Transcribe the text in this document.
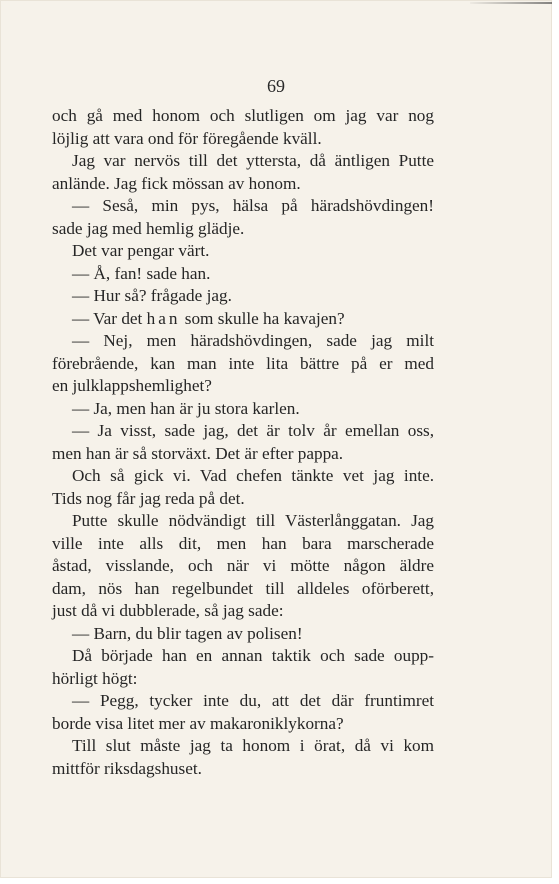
69
och gå med honom och slutligen om jag var nog
löjlig att vara ond för föregående kväll.
Jag var nervös till det yttersta, då äntligen Putte
anlände. Jag fick mössan av honom.
— Seså, min pys, hälsa på häradshövdingen!
sade jag med hemlig glädje.
Det var pengar värt.
— Å, fan! sade han.
— Hur så? frågade jag.
— Var det han som skulle ha kavajen?
— Nej, men häradshövdingen, sade jag milt
förebrående, kan man inte lita bättre på er med
en julklappshemlighet?
— Ja, men han är ju stora karlen.
— Ja visst, sade jag, det är tolv år emellan oss,
men han är så storväxt. Det är efter pappa.
Och så gick vi. Vad chefen tänkte vet jag inte.
Tids nog får jag reda på det.
Putte skulle nödvändigt till Västerlånggatan. Jag
ville inte alls dit, men han bara marscherade
åstad, visslande, och när vi mötte någon äldre
dam, nös han regelbundet till alldeles oförberett,
just då vi dubblerade, så jag sade:
— Barn, du blir tagen av polisen!
Då började han en annan taktik och sade oupp-
hörligt högt:
— Pegg, tycker inte du, att det där fruntimret
borde visa litet mer av makaroniklykorna?
Till slut måste jag ta honom i örat, då vi kom
mittför riksdagshuset.
